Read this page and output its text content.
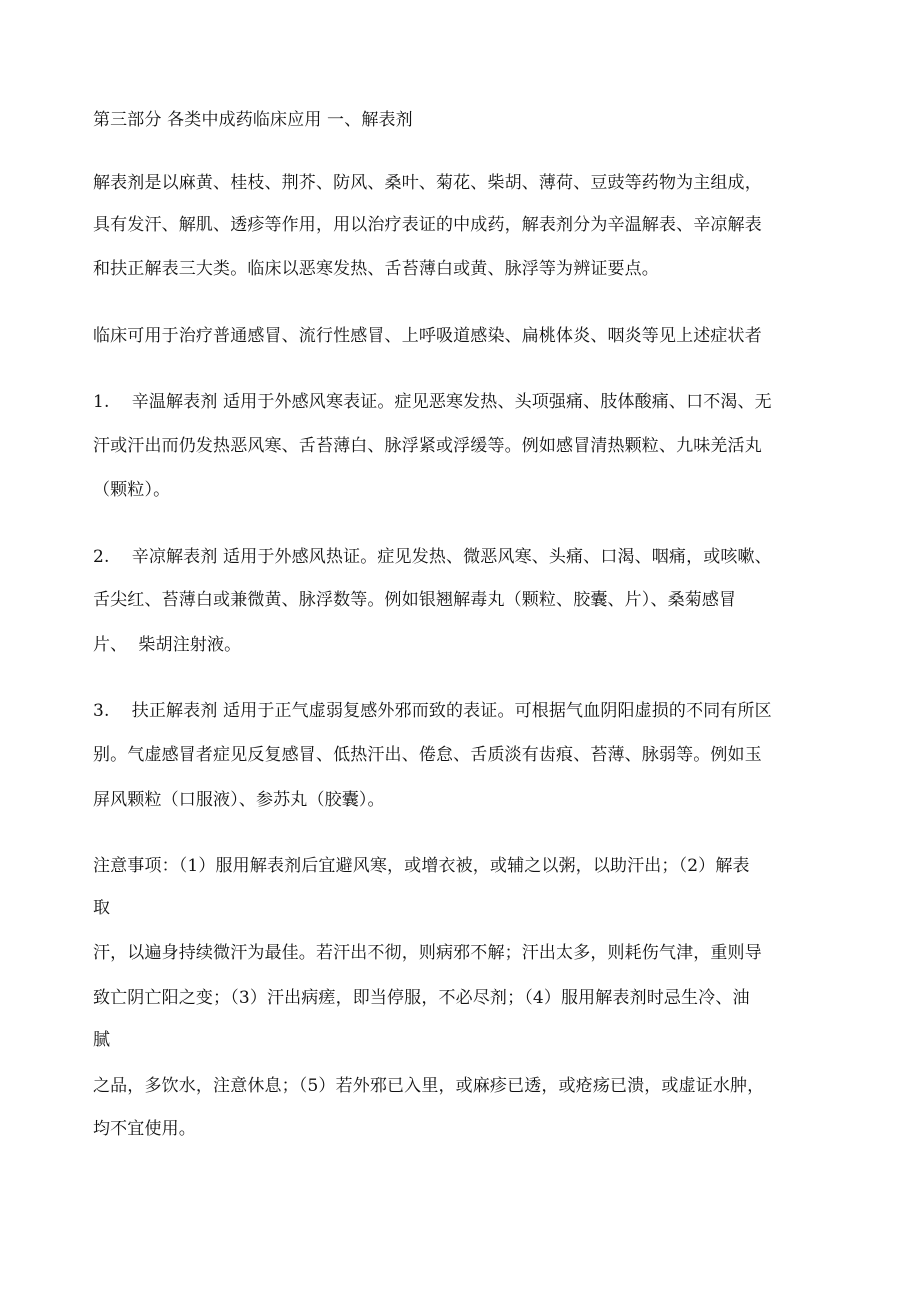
第三部分 各类中成药临床应用 一、解表剂

解表剂是以麻黄、桂枝、荆芥、防风、桑叶、菊花、柴胡、薄荷、豆豉等药物为主组成，

具有发汗、解肌、透疹等作用，用以治疗表证的中成药，解表剂分为辛温解表、辛凉解表

和扶正解表三大类。临床以恶寒发热、舌苔薄白或黄、脉浮等为辨证要点。

临床可用于治疗普通感冒、流行性感冒、上呼吸道感染、扁桃体炎、咽炎等见上述症状者

1.    辛温解表剂 适用于外感风寒表证。症见恶寒发热、头项强痛、肢体酸痛、口不渴、无

汗或汗出而仍发热恶风寒、舌苔薄白、脉浮紧或浮缓等。例如感冒清热颗粒、九味羌活丸

（颗粒）。

2.    辛凉解表剂 适用于外感风热证。症见发热、微恶风寒、头痛、口渴、咽痛，或咳嗽、

舌尖红、苔薄白或兼微黄、脉浮数等。例如银翘解毒丸（颗粒、胶囊、片）、桑菊感冒

片、  柴胡注射液。

3.    扶正解表剂 适用于正气虚弱复感外邪而致的表证。可根据气血阴阳虚损的不同有所区

别。气虚感冒者症见反复感冒、低热汗出、倦怠、舌质淡有齿痕、苔薄、脉弱等。例如玉

屏风颗粒（口服液）、参苏丸（胶囊）。

注意事项：（1）服用解表剂后宜避风寒，或增衣被，或辅之以粥，以助汗出；（2）解表

取

汗，以遍身持续微汗为最佳。若汗出不彻，则病邪不解；汗出太多，则耗伤气津，重则导

致亡阴亡阳之变；（3）汗出病瘥，即当停服，不必尽剂；（4）服用解表剂时忌生冷、油

腻

之品，多饮水，注意休息；（5）若外邪已入里，或麻疹已透，或疮疡已溃，或虚证水肿，

均不宜使用。
